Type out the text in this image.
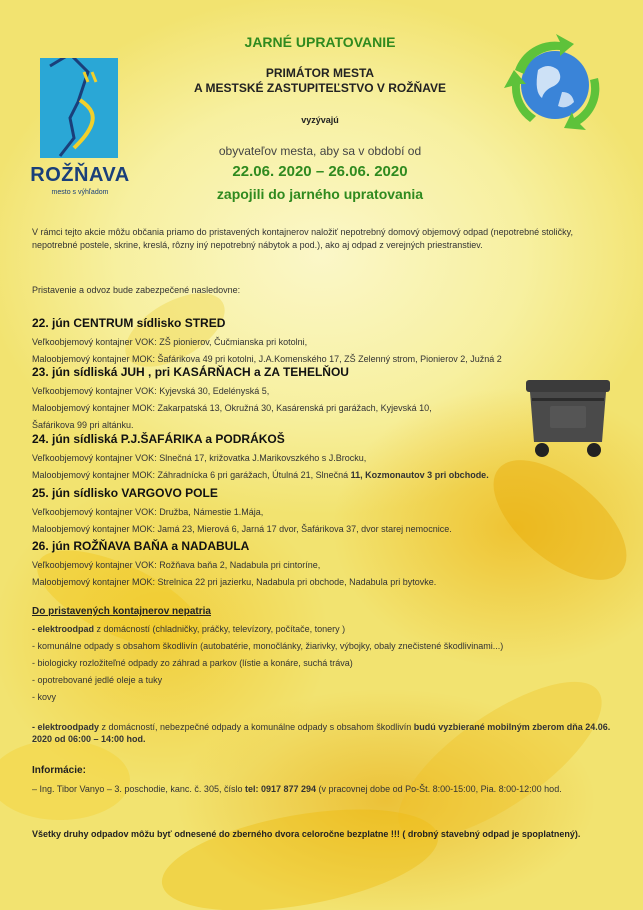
ROŽŇAVA
mesto s výhľadom
JARNÉ UPRATOVANIE
PRIMÁTOR MESTA
A MESTSKÉ ZASTUPITEĽSTVO V ROŽŇAVE
vyzývajú
obyvateľov mesta, aby sa v období od
22.06. 2020 – 26.06. 2020
zapojili do jarného upratovania
V rámci tejto akcie môžu občania priamo do pristavených kontajnerov naložiť nepotrebný domový objemový odpad (nepotrebné stoličky, nepotrebné postele, skrine, kreslá, rôzny iný nepotrebný nábytok a pod.), ako aj odpad z verejných priestranstiev.
Pristavenie a odvoz bude zabezpečené nasledovne:
22. jún CENTRUM sídlisko STRED
Veľkoobjemový kontajner VOK: ZŠ pionierov, Čučmianska pri kotolni,
Maloobjemový kontajner MOK: Šafárikova 49 pri kotolni, J.A.Komenského 17, ZŠ Zelenný strom, Pionierov 2, Južná 2
23. jún sídliská JUH , pri KASÁRŇACH a ZA TEHELŇOU
Veľkoobjemový kontajner VOK: Kyjevská 30, Edelényská 5,
Maloobjemový kontajner MOK: Zakarpatská 13, Okružná 30, Kasárenská pri garážach, Kyjevská 10,
Šafárikova 99 pri altánku.
24. jún sídliská P.J.ŠAFÁRIKA a PODRÁKOŠ
Veľkoobjemový kontajner VOK: Slnečná 17, križovatka J.Marikovszkého s J.Brocku,
Maloobjemový kontajner MOK: Záhradnícka 6 pri garážach, Útulná 21, Slnečná 11, Kozmonautov 3 pri obchode.
25. jún sídlisko VARGOVO POLE
Veľkoobjemový kontajner VOK: Družba, Námestie 1.Mája,
Maloobjemový kontajner MOK: Jamá 23, Mierová 6, Jarná 17 dvor, Šafárikova 37, dvor starej nemocnice.
26. jún ROŽŇAVA BAŇA a NADABULA
Veľkoobjemový kontajner VOK: Rožňava baňa 2, Nadabula pri cintoríne,
Maloobjemový kontajner MOK: Strelnica 22 pri jazierku, Nadabula pri obchode, Nadabula pri bytovke.
Do pristavených kontajnerov nepatria
- elektroodpad z domácností (chladničky, práčky, televízory, počítače, tonery )
- komunálne odpady s obsahom škodlivín (autobatérie, monočlánky, žiarivky, výbojky, obaly znečistené škodlivinami...)
- biologicky rozložiteľné odpady zo záhrad a parkov (lístie a konáre, suchá tráva)
- opotrebované jedlé oleje a tuky
- kovy
- elektroodpady z domácností, nebezpečné odpady a komunálne odpady s obsahom škodlivín budú vyzbierané mobilným zberom dňa 24.06. 2020 od 06:00 – 14:00 hod.
Informácie:
– Ing. Tibor Vanyo – 3. poschodie, kanc. č. 305, číslo tel: 0917 877 294 (v pracovnej dobe od Po-Št. 8:00-15:00, Pia. 8:00-12:00 hod.
Všetky druhy odpadov môžu byť odnesené do zberného dvora celoročne bezplatne !!! ( drobný stavebný odpad je spoplatnený).
